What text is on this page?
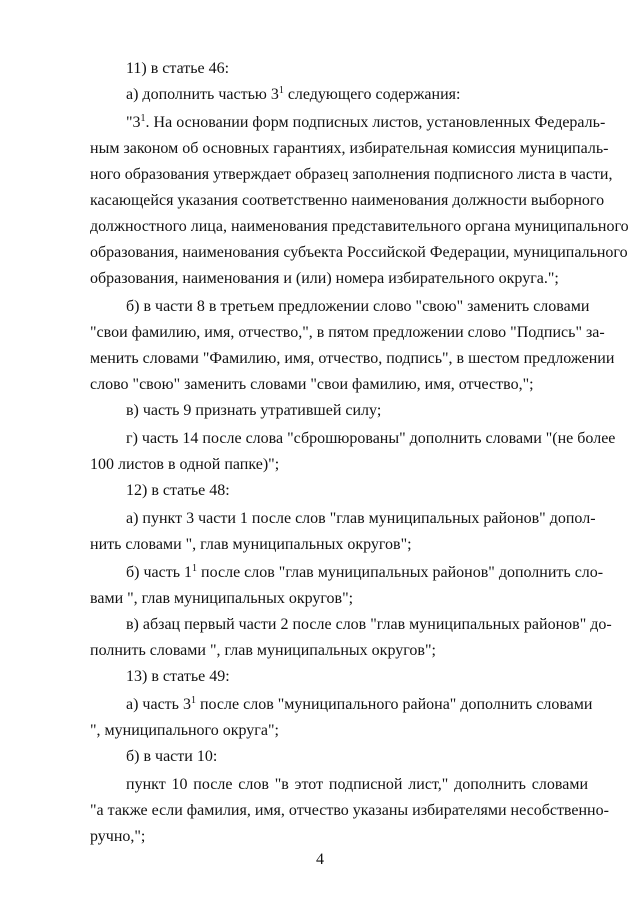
11) в статье 46:
а) дополнить частью $3^1$ следующего содержания:
"$3^1$. На основании форм подписных листов, установленных Федераль-
ным законом об основных гарантиях, избирательная комиссия муниципаль-
ного образования утверждает образец заполнения подписного листа в части,
касающейся указания соответственно наименования должности выборного
должностного лица, наименования представительного органа муниципального
образования, наименования субъекта Российской Федерации, муниципального
образования, наименования и (или) номера избирательного округа.";
б) в части 8 в третьем предложении слово "свою" заменить словами
"свои фамилию, имя, отчество,", в пятом предложении слово "Подпись" за-
менить словами "Фамилию, имя, отчество, подпись", в шестом предложении
слово "свою" заменить словами "свои фамилию, имя, отчество,";
в) часть 9 признать утратившей силу;
г) часть 14 после слова "сброшюрованы" дополнить словами "(не более
100 листов в одной папке)";
12) в статье 48:
а) пункт 3 части 1 после слов "глав муниципальных районов" допол-
нить словами ", глав муниципальных округов";
б) часть $1^1$ после слов "глав муниципальных районов" дополнить сло-
вами ", глав муниципальных округов";
в) абзац первый части 2 после слов "глав муниципальных районов" до-
полнить словами ", глав муниципальных округов";
13) в статье 49:
а) часть $3^1$ после слов "муниципального района" дополнить словами
", муниципального округа";
б) в части 10:
пункт 10 после слов "в этот подписной лист," дополнить словами
"а также если фамилия, имя, отчество указаны избирателями несобственно-
ручно,";
4
